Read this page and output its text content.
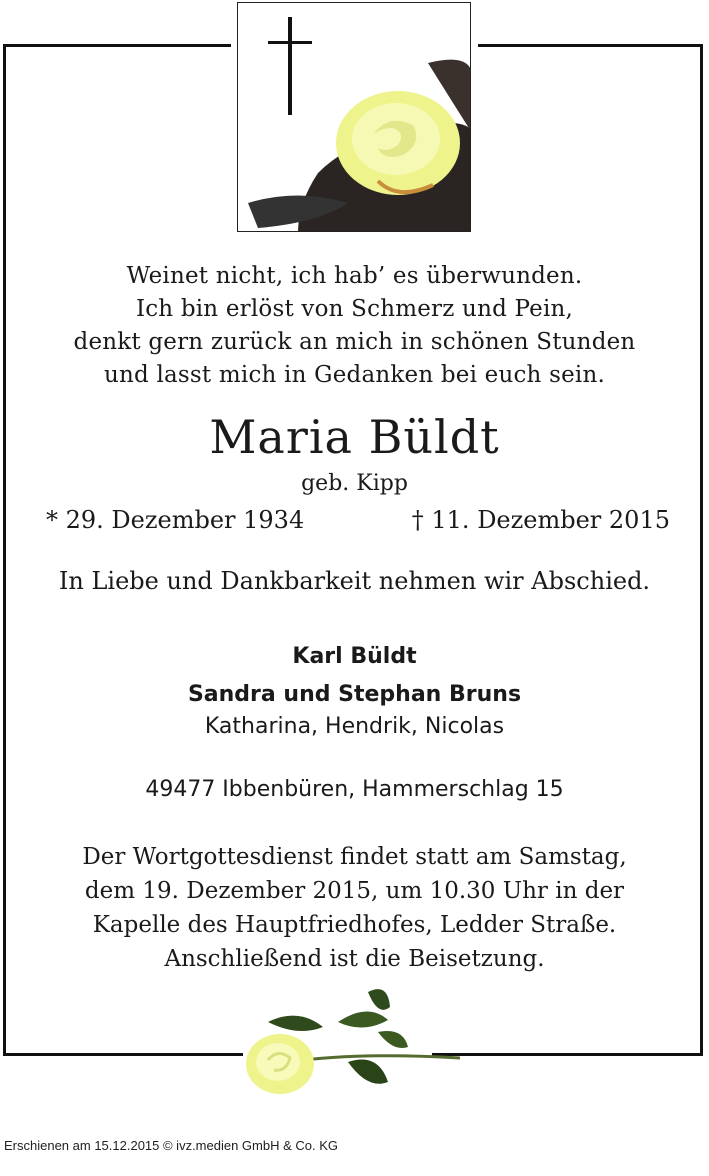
Weinet nicht, ich hab’ es überwunden.
Ich bin erlöst von Schmerz und Pein,
denkt gern zurück an mich in schönen Stunden
und lasst mich in Gedanken bei euch sein.
Maria Büldt
geb. Kipp
* 29. Dezember 1934	† 11. Dezember 2015
In Liebe und Dankbarkeit nehmen wir Abschied.
Karl Büldt
Sandra und Stephan Bruns
Katharina, Hendrik, Nicolas
49477 Ibbenbüren, Hammerschlag 15
Der Wortgottesdienst findet statt am Samstag,
dem 19. Dezember 2015, um 10.30 Uhr in der
Kapelle des Hauptfriedhofes, Ledder Straße.
Anschließend ist die Beisetzung.
Erschienen am 15.12.2015 © ivz.medien GmbH & Co. KG
